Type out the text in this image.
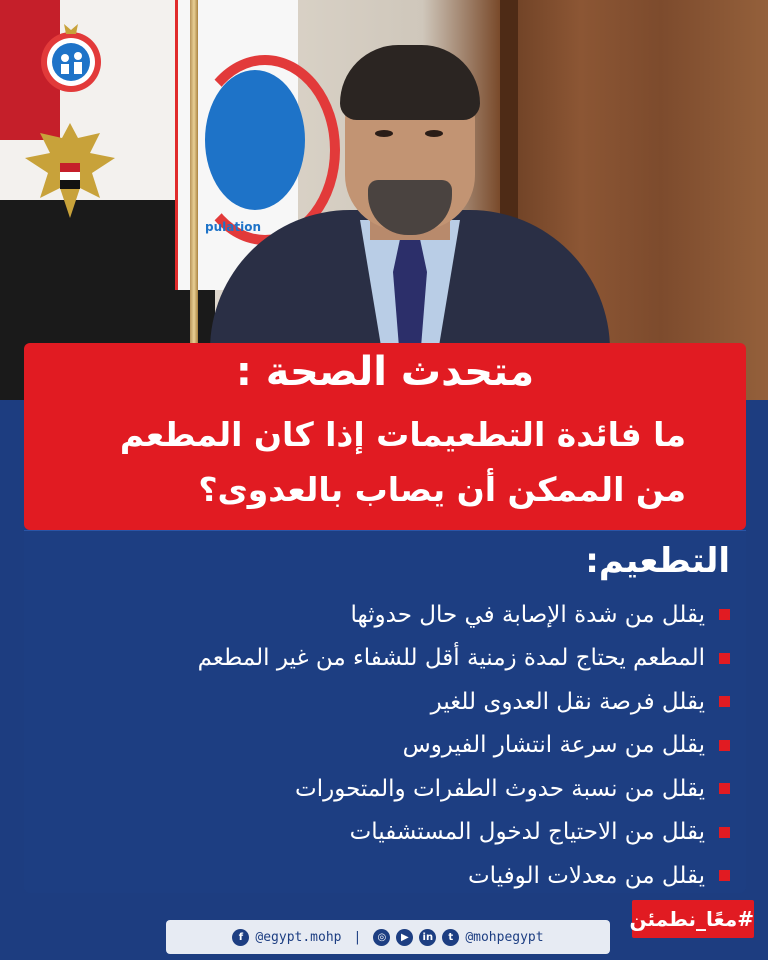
pulation
متحدث الصحة :
ما فائدة التطعيمات إذا كان المطعم
من الممكن أن يصاب بالعدوى؟
التطعيم:
يقلل من شدة الإصابة في حال حدوثها
المطعم يحتاج لمدة زمنية أقل للشفاء من غير المطعم
يقلل فرصة نقل العدوى للغير
يقلل من سرعة انتشار الفيروس
يقلل من نسبة حدوث الطفرات والمتحورات
يقلل من الاحتياج لدخول المستشفيات
يقلل من معدلات الوفيات
#معًا_نطمئن
f @egypt.mohp |	◎	▶	in	t @mohpegypt
